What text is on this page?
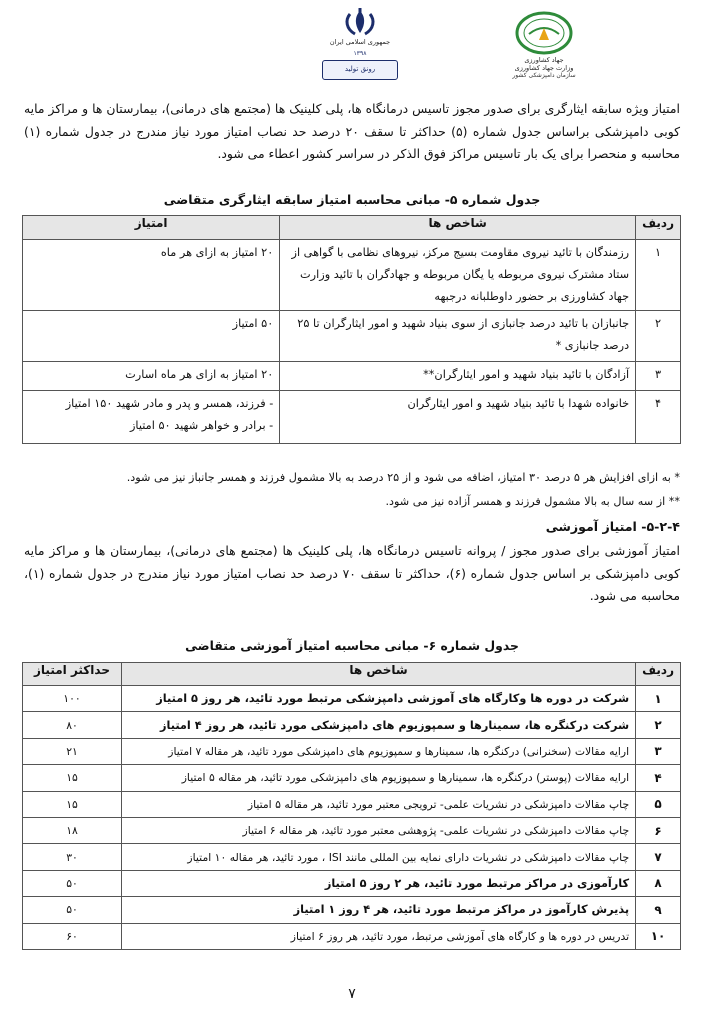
جهاد کشاورزی
وزارت جهاد کشاورزی
سازمان دامپزشکی کشور
جمهوری اسلامی ایران
۱۳۹۸
رونق تولید
امتیاز ویژه سابقه ایثارگری برای صدور مجوز تاسیس درمانگاه ها، پلی کلینیک ها (مجتمع های درمانی)، بیمارستان ها و مراکز مایه کوبی دامپزشکی براساس جدول شماره (۵) حداکثر تا سقف ۲۰ درصد حد نصاب امتیاز مورد نیاز مندرج در جدول شماره (۱) محاسبه و منحصرا برای یک بار تاسیس مراکز فوق الذکر در سراسر کشور اعطاء می شود.
جدول شماره ۵- مبانی محاسبه امتیاز سابقه ایثارگری متقاضی
ردیف	شاخص ها	امتیاز
۱	رزمندگان با تائید نیروی مقاومت بسیج مرکز، نیروهای نظامی با گواهی از ستاد مشترک نیروی مربوطه یا یگان مربوطه و جهادگران با تائید وزارت جهاد کشاورزی بر حضور داوطلبانه درجبهه	۲۰ امتیاز به ازای هر ماه
۲	جانبازان با تائید درصد جانبازی از سوی بنیاد شهید و امور ایثارگران تا ۲۵ درصد جانبازی *	۵۰ امتیاز
۳	آزادگان با تائید بنیاد شهید و امور ایثارگران**	۲۰ امتیاز به ازای هر ماه اسارت
۴	خانواده شهدا با تائید بنیاد شهید و امور ایثارگران	- فرزند، همسر و پدر و مادر شهید ۱۵۰ امتیاز
- برادر و خواهر شهید ۵۰ امتیاز
* به ازای افزایش هر ۵ درصد ۳۰ امتیاز، اضافه می شود و از ۲۵ درصد به بالا مشمول فرزند و همسر جانباز نیز می شود.
** از سه سال به بالا مشمول فرزند و همسر آزاده نیز می شود.
۵-۲-۴- امتیاز آموزشی
امتیاز آموزشی برای صدور مجوز / پروانه تاسیس درمانگاه ها، پلی کلینیک ها (مجتمع های درمانی)، بیمارستان ها و مراکز مایه کوبی دامپزشکی بر اساس جدول شماره (۶)، حداکثر تا سقف ۷۰ درصد حد نصاب امتیاز مورد نیاز مندرج در جدول شماره (۱)، محاسبه می شود.
جدول شماره ۶- مبانی محاسبه امتیاز آموزشی متقاضی
ردیف	شاخص ها	حداکثر امتیاز
۱	شرکت در دوره ها وکارگاه های آموزشی دامپزشکی مرتبط مورد تائید، هر روز ۵ امتیاز	۱۰۰
۲	شرکت درکنگره ها، سمینارها و سمپوزیوم های دامپزشکی مورد تائید، هر روز ۴ امتیاز	۸۰
۳	ارایه مقالات (سخنرانی) درکنگره ها، سمینارها و سمپوزیوم های دامپزشکی مورد تائید، هر مقاله ۷ امتیاز	۲۱
۴	ارایه مقالات (پوستر) درکنگره ها، سمینارها و سمپوزیوم های دامپزشکی مورد تائید، هر مقاله ۵ امتیاز	۱۵
۵	چاپ مقالات دامپزشکی در نشریات علمی- ترویجی معتبر مورد تائید، هر مقاله ۵ امتیاز	۱۵
۶	چاپ مقالات دامپزشکی در نشریات علمی- پژوهشی معتبر مورد تائید، هر مقاله ۶ امتیاز	۱۸
۷	چاپ مقالات دامپزشکی در نشریات دارای نمایه بین المللی مانند ISI ، مورد تائید، هر مقاله ۱۰ امتیاز	۳۰
۸	کارآموزی در مراکز مرتبط مورد تائید، هر ۲ روز ۵ امتیاز	۵۰
۹	پذیرش کارآموز در مراکز مرتبط مورد تائید، هر ۴ روز ۱ امتیاز	۵۰
۱۰	تدریس در دوره ها و کارگاه های آموزشی مرتبط، مورد تائید، هر روز ۶ امتیاز	۶۰
۷
